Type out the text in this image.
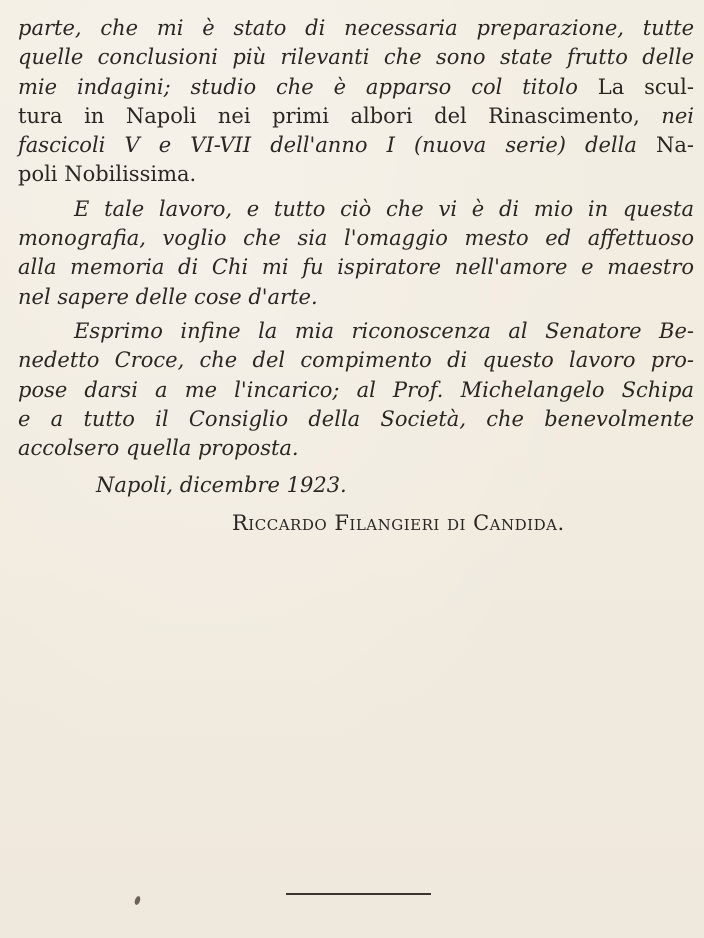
parte, che mi è stato di necessaria preparazione, tutte
quelle conclusioni più rilevanti che sono state frutto delle
mie indagini; studio che è apparso col titolo La scul-
tura in Napoli nei primi albori del Rinascimento, nei
fascicoli V e VI-VII dell'anno I (nuova serie) della Na-
poli Nobilissima.
E tale lavoro, e tutto ciò che vi è di mio in questa
monografia, voglio che sia l'omaggio mesto ed affettuoso
alla memoria di Chi mi fu ispiratore nell'amore e maestro
nel sapere delle cose d'arte.
Esprimo infine la mia riconoscenza al Senatore Be-
nedetto Croce, che del compimento di questo lavoro pro-
pose darsi a me l'incarico; al Prof. Michelangelo Schipa
e a tutto il Consiglio della Società, che benevolmente
accolsero quella proposta.
Napoli, dicembre 1923.
Riccardo Filangieri di Candida.
